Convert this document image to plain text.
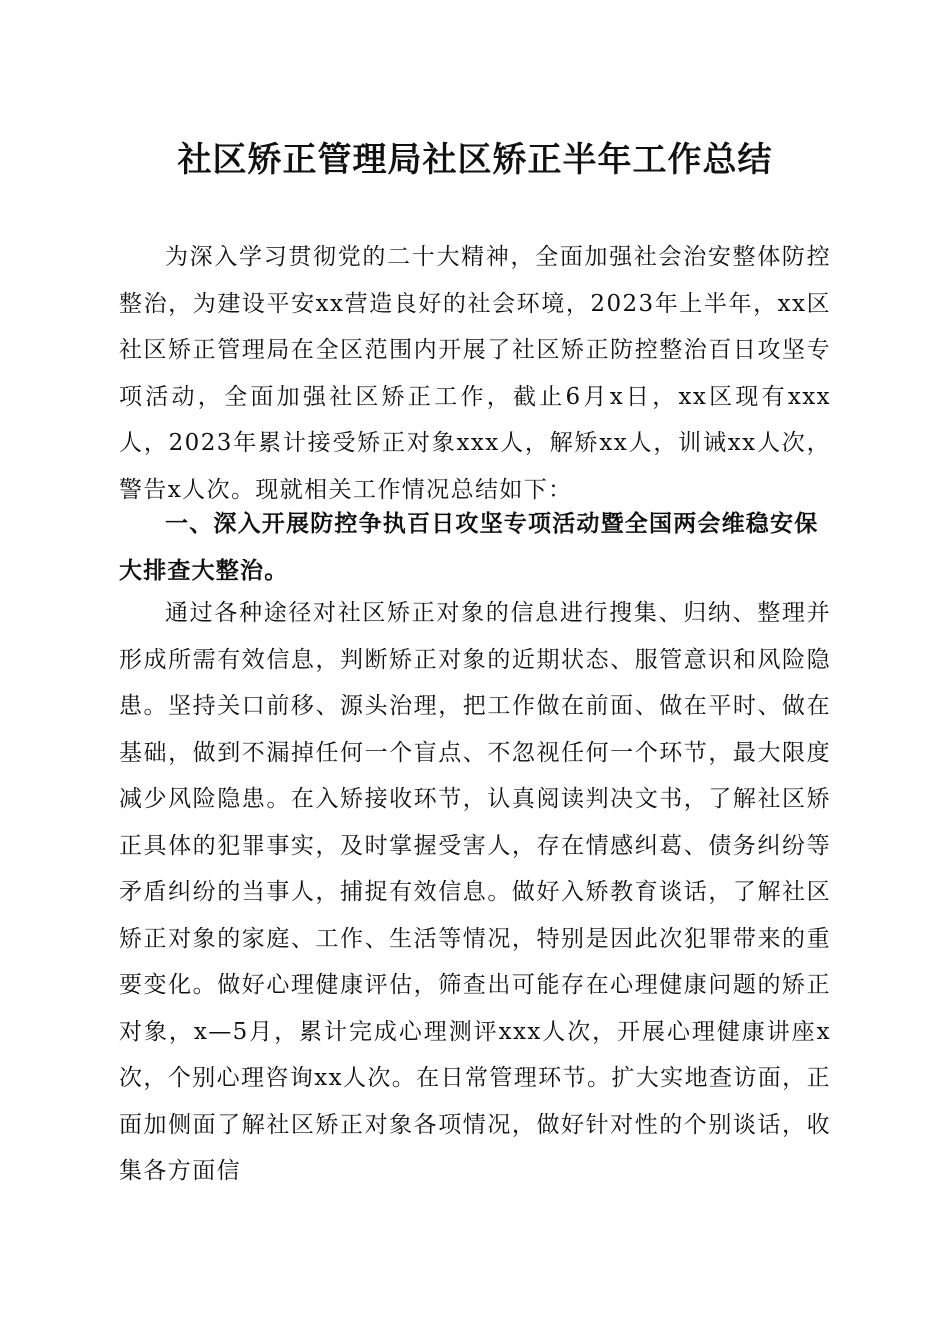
社区矫正管理局社区矫正半年工作总结

为深入学习贯彻党的二十大精神，全面加强社会治安整体防控整治，为建设平安xx营造良好的社会环境，2023年上半年，xx区社区矫正管理局在全区范围内开展了社区矫正防控整治百日攻坚专项活动，全面加强社区矫正工作，截止6月x日，xx区现有xxx人，2023年累计接受矫正对象xxx人，解矫xx人，训诫xx人次，警告x人次。现就相关工作情况总结如下：

一、深入开展防控争执百日攻坚专项活动暨全国两会维稳安保大排查大整治。

通过各种途径对社区矫正对象的信息进行搜集、归纳、整理并形成所需有效信息，判断矫正对象的近期状态、服管意识和风险隐患。坚持关口前移、源头治理，把工作做在前面、做在平时、做在基础，做到不漏掉任何一个盲点、不忽视任何一个环节，最大限度减少风险隐患。在入矫接收环节，认真阅读判决文书，了解社区矫正具体的犯罪事实，及时掌握受害人，存在情感纠葛、债务纠纷等矛盾纠纷的当事人，捕捉有效信息。做好入矫教育谈话，了解社区矫正对象的家庭、工作、生活等情况，特别是因此次犯罪带来的重要变化。做好心理健康评估，筛查出可能存在心理健康问题的矫正对象，x—5月，累计完成心理测评xxx人次，开展心理健康讲座x次，个别心理咨询xx人次。在日常管理环节。扩大实地查访面，正面加侧面了解社区矫正对象各项情况，做好针对性的个别谈话，收集各方面信
